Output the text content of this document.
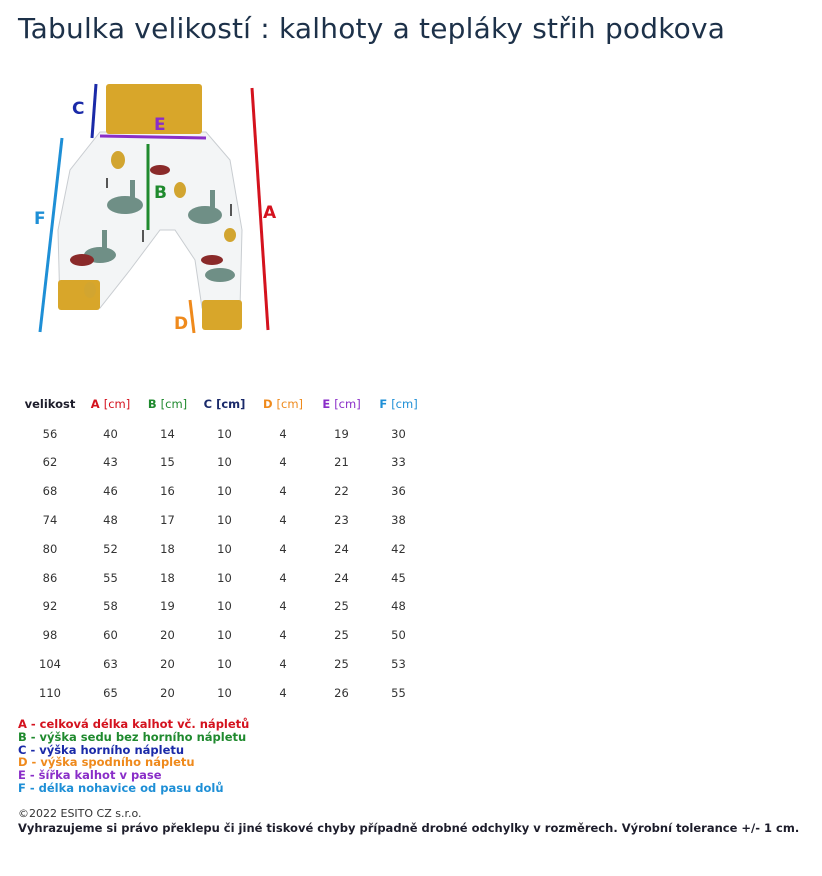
Tabulka velikostí : kalhoty a tepláky střih podkova
A
B
C
D
E
F
velikost	A [cm]	B [cm]	C [cm]	D [cm]	E [cm]	F [cm]
56	40	14	10	4	19	30
62	43	15	10	4	21	33
68	46	16	10	4	22	36
74	48	17	10	4	23	38
80	52	18	10	4	24	42
86	55	18	10	4	24	45
92	58	19	10	4	25	48
98	60	20	10	4	25	50
104	63	20	10	4	25	53
110	65	20	10	4	26	55
A - celková délka kalhot vč. nápletů
B - výška sedu bez horního nápletu
C - výška horního nápletu
D - výška spodního nápletu
E - šířka kalhot v pase
F - délka nohavice od pasu dolů
©2022 ESITO CZ s.r.o.
Vyhrazujeme si právo překlepu či jiné tiskové chyby případně drobné odchylky v rozměrech. Výrobní tolerance +/- 1 cm.
